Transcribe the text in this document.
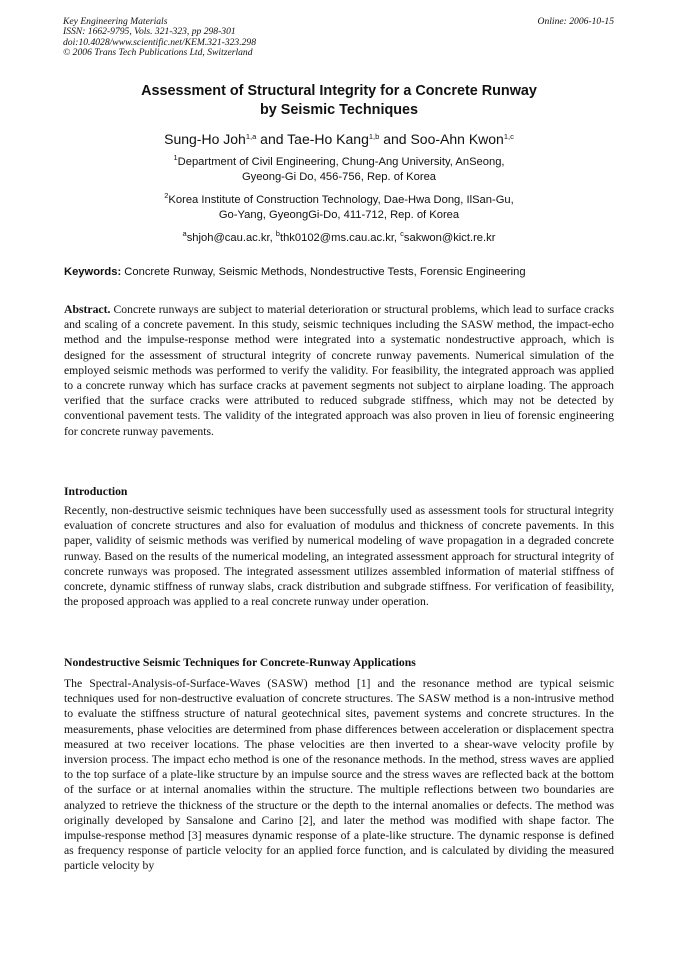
Key Engineering Materials
ISSN: 1662-9795, Vols. 321-323, pp 298-301
doi:10.4028/www.scientific.net/KEM.321-323.298
© 2006 Trans Tech Publications Ltd, Switzerland
Online: 2006-10-15
Assessment of Structural Integrity for a Concrete Runway
by Seismic Techniques
Sung-Ho Joh$^{1,a}$ and Tae-Ho Kang$^{1,b}$ and Soo-Ahn Kwon$^{1,c}$
$^1$Department of Civil Engineering, Chung-Ang University, AnSeong,
Gyeong-Gi Do, 456-756, Rep. of Korea
$^2$Korea Institute of Construction Technology, Dae-Hwa Dong, IlSan-Gu,
Go-Yang, GyeongGi-Do, 411-712, Rep. of Korea
$^a$shjoh@cau.ac.kr, $^b$thk0102@ms.cau.ac.kr, $^c$sakwon@kict.re.kr
Keywords: Concrete Runway, Seismic Methods, Nondestructive Tests, Forensic Engineering
Abstract. Concrete runways are subject to material deterioration or structural problems, which lead to surface cracks and scaling of a concrete pavement. In this study, seismic techniques including the SASW method, the impact-echo method and the impulse-response method were integrated into a systematic nondestructive approach, which is designed for the assessment of structural integrity of concrete runway pavements. Numerical simulation of the employed seismic methods was performed to verify the validity. For feasibility, the integrated approach was applied to a concrete runway which has surface cracks at pavement segments not subject to airplane loading. The approach verified that the surface cracks were attributed to reduced subgrade stiffness, which may not be detected by conventional pavement tests. The validity of the integrated approach was also proven in lieu of forensic engineering for concrete runway pavements.
Introduction
Recently, non-destructive seismic techniques have been successfully used as assessment tools for structural integrity evaluation of concrete structures and also for evaluation of modulus and thickness of concrete pavements. In this paper, validity of seismic methods was verified by numerical modeling of wave propagation in a degraded concrete runway. Based on the results of the numerical modeling, an integrated assessment approach for structural integrity of concrete runways was proposed. The integrated assessment utilizes assembled information of material stiffness of concrete, dynamic stiffness of runway slabs, crack distribution and subgrade stiffness. For verification of feasibility, the proposed approach was applied to a real concrete runway under operation.
Nondestructive Seismic Techniques for Concrete-Runway Applications
The Spectral-Analysis-of-Surface-Waves (SASW) method [1] and the resonance method are typical seismic techniques used for non-destructive evaluation of concrete structures. The SASW method is a non-intrusive method to evaluate the stiffness structure of natural geotechnical sites, pavement systems and concrete structures. In the measurements, phase velocities are determined from phase differences between acceleration or displacement spectra measured at two receiver locations. The phase velocities are then inverted to a shear-wave velocity profile by inversion process. The impact echo method is one of the resonance methods. In the method, stress waves are applied to the top surface of a plate-like structure by an impulse source and the stress waves are reflected back at the bottom of the surface or at internal anomalies within the structure. The multiple reflections between two boundaries are analyzed to retrieve the thickness of the structure or the depth to the internal anomalies or defects. The method was originally developed by Sansalone and Carino [2], and later the method was modified with shape factor. The impulse-response method [3] measures dynamic response of a plate-like structure. The dynamic response is defined as frequency response of particle velocity for an applied force function, and is calculated by dividing the measured particle velocity by
